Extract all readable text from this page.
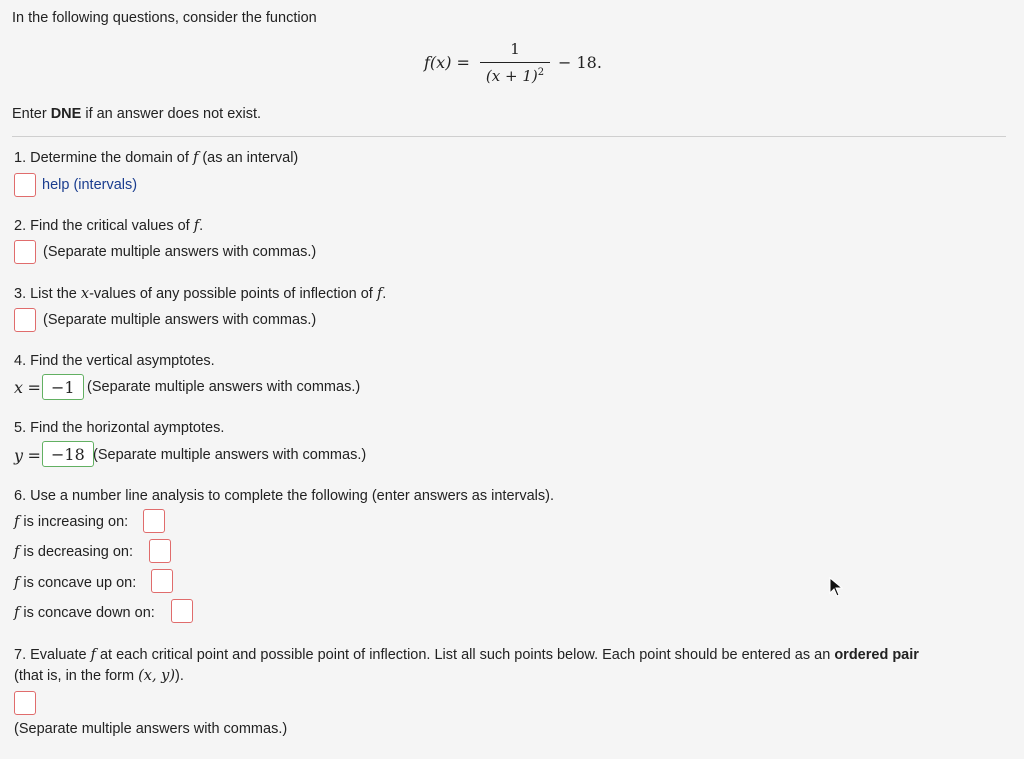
In the following questions, consider the function
f(x) =
1
$(x + 1)^2$
− 18.
Enter DNE if an answer does not exist.
1. Determine the domain of f (as an interval)
help (intervals)
2. Find the critical values of f.
(Separate multiple answers with commas.)
3. List the x-values of any possible points of inflection of f.
(Separate multiple answers with commas.)
4. Find the vertical asymptotes.
x = −1 (Separate multiple answers with commas.)
5. Find the horizontal aymptotes.
y = −18 (Separate multiple answers with commas.)
6. Use a number line analysis to complete the following (enter answers as intervals).
f is increasing on:
f is decreasing on:
f is concave up on:
f is concave down on:
7. Evaluate f at each critical point and possible point of inflection. List all such points below. Each point should be entered as an ordered pair
(that is, in the form (x, y)).
(Separate multiple answers with commas.)
